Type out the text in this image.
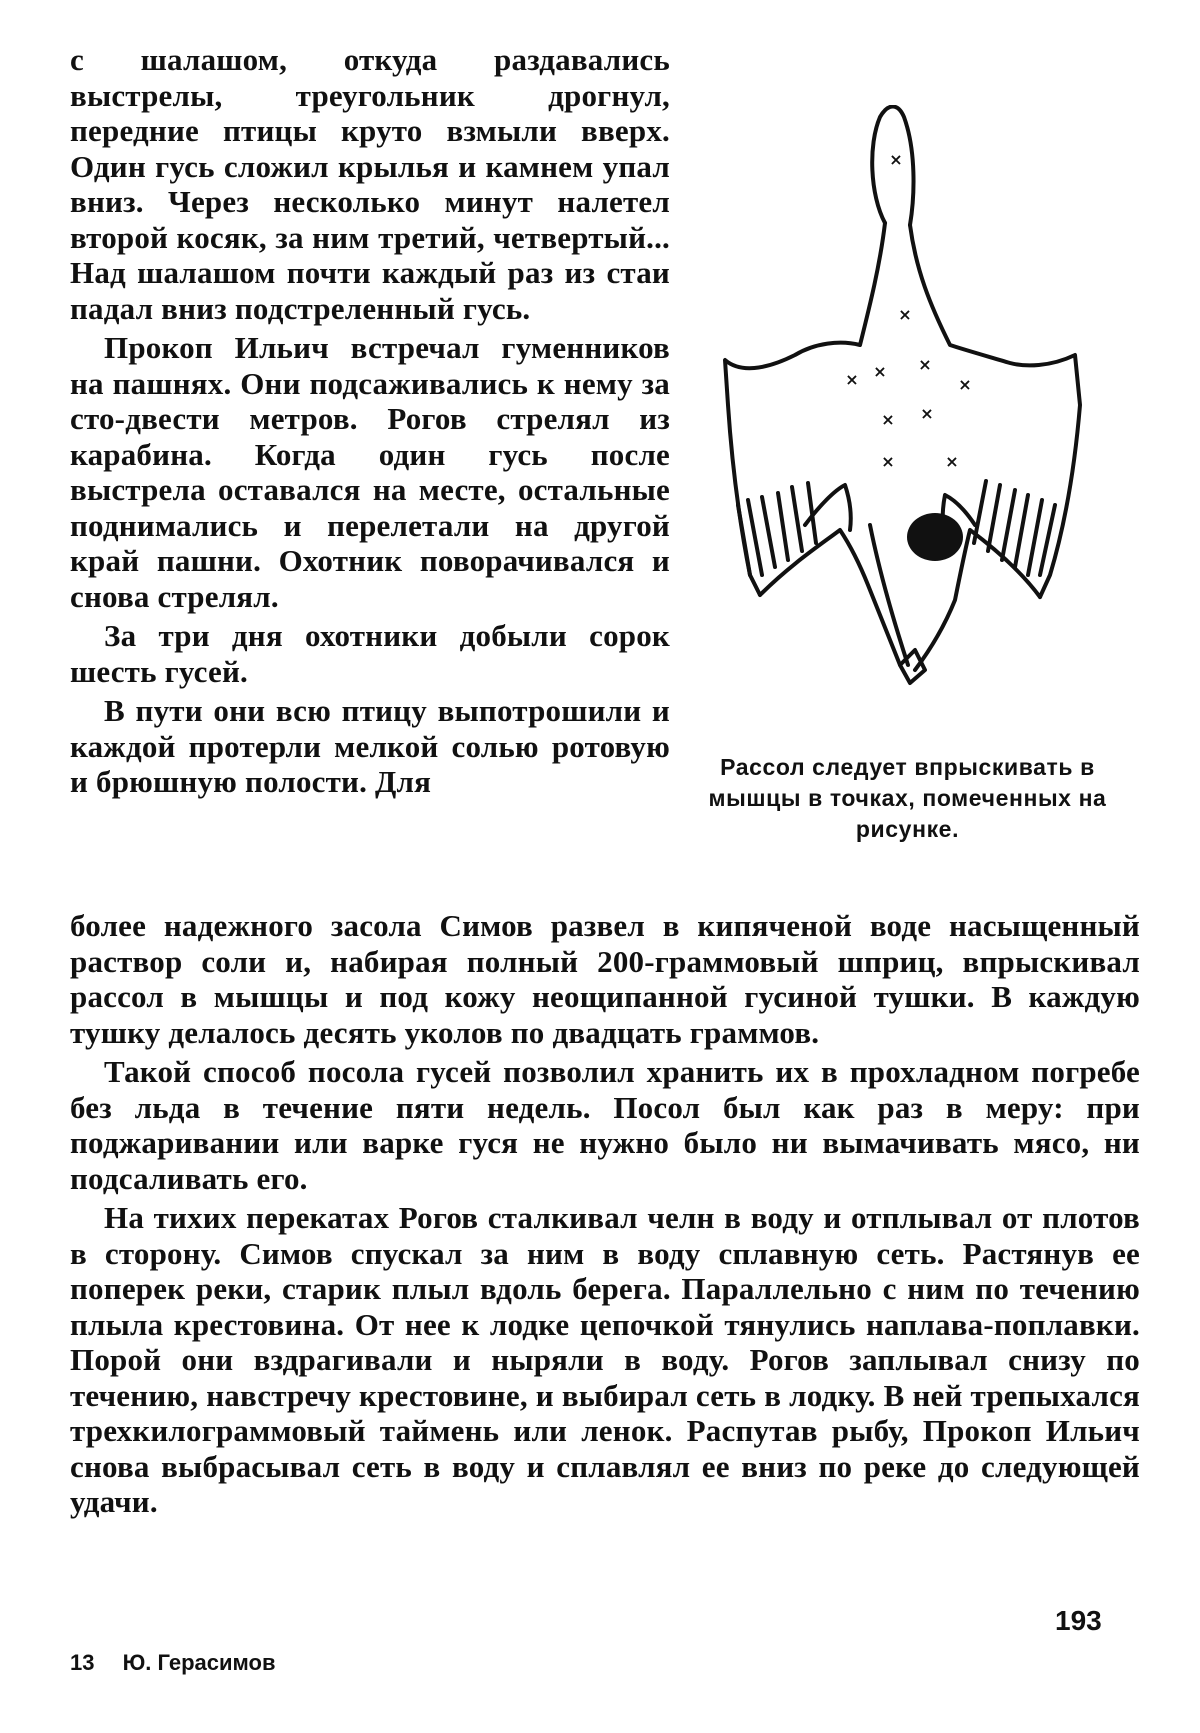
с шалашом, откуда раздавались выстрелы, треугольник дрогнул, передние птицы круто взмыли вверх. Один гусь сложил крылья и камнем упал вниз. Через несколько минут налетел второй косяк, за ним третий, четвертый... Над шалашом почти каждый раз из стаи падал вниз подстреленный гусь.

Прокоп Ильич встречал гуменников на пашнях. Они подсаживались к нему за сто-двести метров. Рогов стрелял из карабина. Когда один гусь после выстрела оставался на месте, остальные поднимались и перелетали на другой край пашни. Охотник поворачивался и снова стрелял.

За три дня охотники добыли сорок шесть гусей.

В пути они всю птицу выпотрошили и каждой протерли мелкой солью ротовую и брюшную полости. Для

×
×
× × ×
×
× ×
×	×
Рассол следует впрыскивать в мышцы в точках, помеченных на рисунке.

более надежного засола Симов развел в кипяченой воде насыщенный раствор соли и, набирая полный 200-граммовый шприц, впрыскивал рассол в мышцы и под кожу неощипанной гусиной тушки. В каждую тушку делалось десять уколов по двадцать граммов.

Такой способ посола гусей позволил хранить их в прохладном погребе без льда в течение пяти недель. Посол был как раз в меру: при поджаривании или варке гуся не нужно было ни вымачивать мясо, ни подсаливать его.

На тихих перекатах Рогов сталкивал челн в воду и отплывал от плотов в сторону. Симов спускал за ним в воду сплавную сеть. Растянув ее поперек реки, старик плыл вдоль берега. Параллельно с ним по течению плыла крестовина. От нее к лодке цепочкой тянулись наплава-поплавки. Порой они вздрагивали и ныряли в воду. Рогов заплывал снизу по течению, навстречу крестовине, и выбирал сеть в лодку. В ней трепыхался трехкилограммовый таймень или ленок. Распутав рыбу, Прокоп Ильич снова выбрасывал сеть в воду и сплавлял ее вниз по реке до следующей удачи.

13 Ю. Герасимов
193
